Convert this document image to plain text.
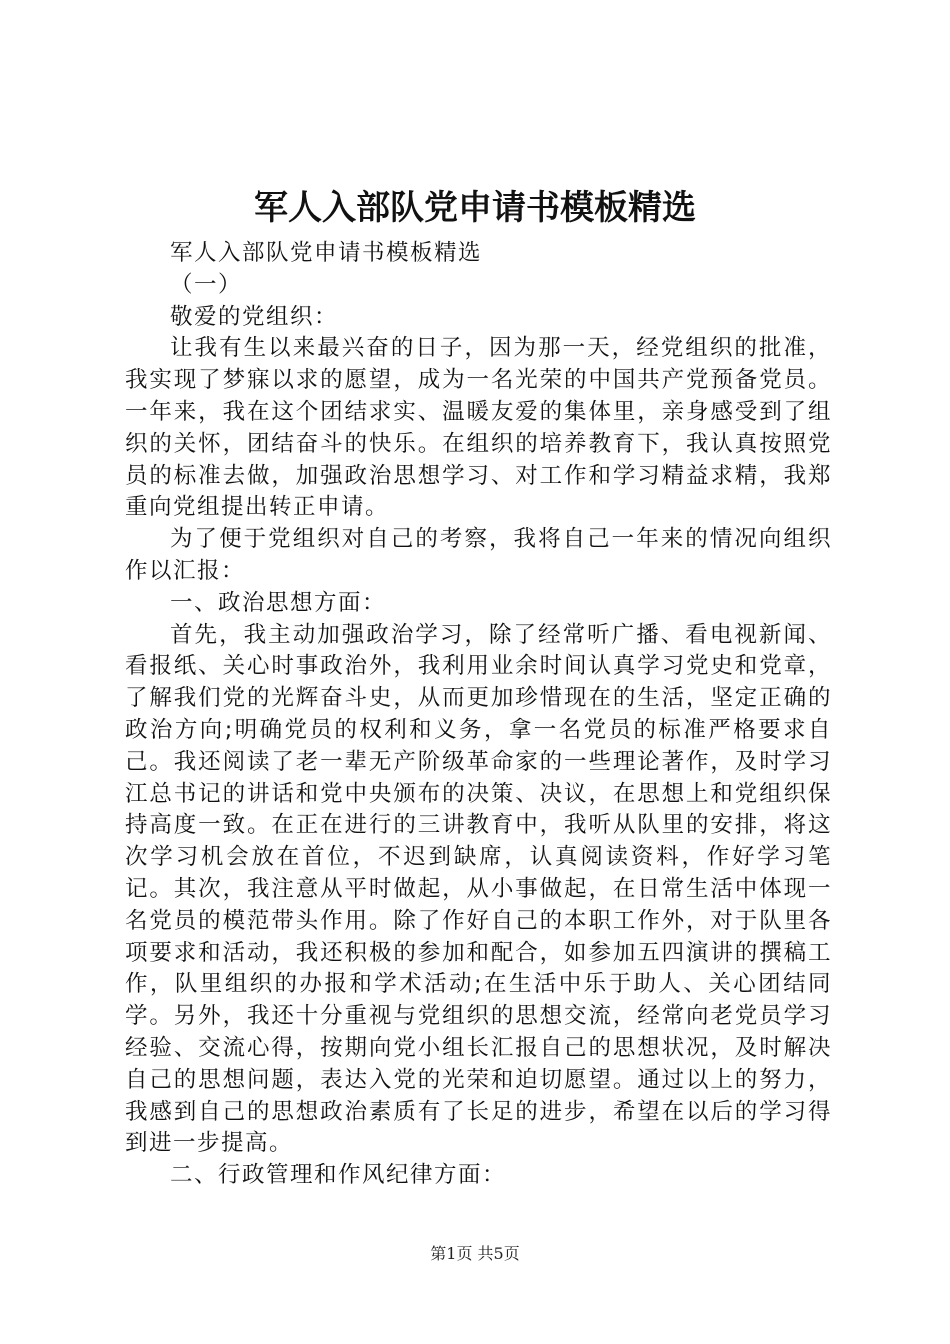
军人入部队党申请书模板精选

军人入部队党申请书模板精选

（一）

敬爱的党组织：

让我有生以来最兴奋的日子，因为那一天，经党组织的批准，我实现了梦寐以求的愿望，成为一名光荣的中国共产党预备党员。一年来，我在这个团结求实、温暖友爱的集体里，亲身感受到了组织的关怀，团结奋斗的快乐。在组织的培养教育下，我认真按照党员的标准去做，加强政治思想学习、对工作和学习精益求精，我郑重向党组提出转正申请。

为了便于党组织对自己的考察，我将自己一年来的情况向组织作以汇报：

一、政治思想方面：

首先，我主动加强政治学习，除了经常听广播、看电视新闻、看报纸、关心时事政治外，我利用业余时间认真学习党史和党章，了解我们党的光辉奋斗史，从而更加珍惜现在的生活，坚定正确的政治方向;明确党员的权利和义务，拿一名党员的标准严格要求自己。我还阅读了老一辈无产阶级革命家的一些理论著作，及时学习江总书记的讲话和党中央颁布的决策、决议，在思想上和党组织保持高度一致。在正在进行的三讲教育中，我听从队里的安排，将这次学习机会放在首位，不迟到缺席，认真阅读资料，作好学习笔记。其次，我注意从平时做起，从小事做起，在日常生活中体现一名党员的模范带头作用。除了作好自己的本职工作外，对于队里各项要求和活动，我还积极的参加和配合，如参加五四演讲的撰稿工作，队里组织的办报和学术活动;在生活中乐于助人、关心团结同学。另外，我还十分重视与党组织的思想交流，经常向老党员学习经验、交流心得，按期向党小组长汇报自己的思想状况，及时解决自己的思想问题，表达入党的光荣和迫切愿望。通过以上的努力，我感到自己的思想政治素质有了长足的进步，希望在以后的学习得到进一步提高。

二、行政管理和作风纪律方面：

第1页 共5页
